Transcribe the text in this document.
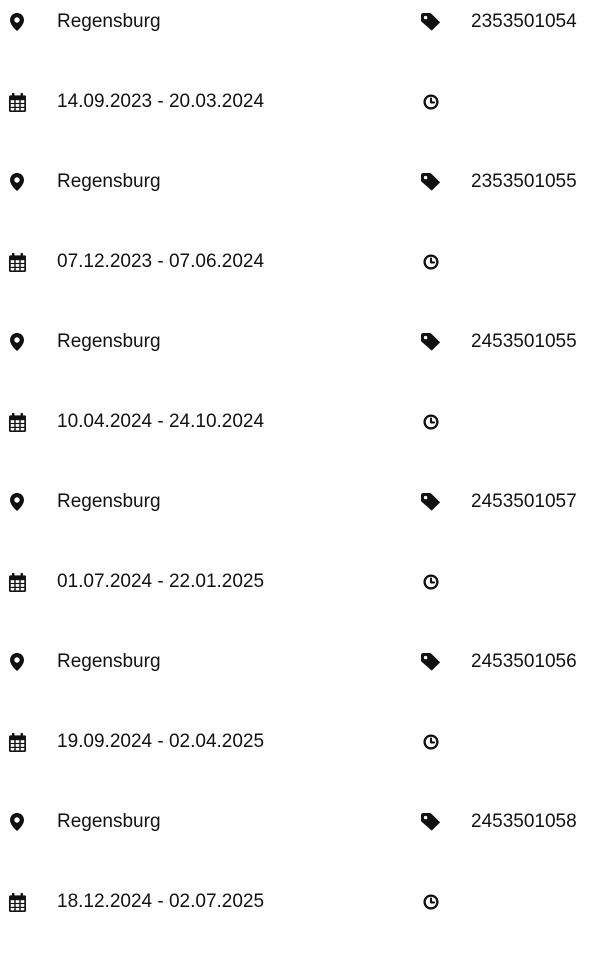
Regensburg	2353501054
14.09.2023 - 20.03.2024
Regensburg	2353501055
07.12.2023 - 07.06.2024
Regensburg	2453501055
10.04.2024 - 24.10.2024
Regensburg	2453501057
01.07.2024 - 22.01.2025
Regensburg	2453501056
19.09.2024 - 02.04.2025
Regensburg	2453501058
18.12.2024 - 02.07.2025
